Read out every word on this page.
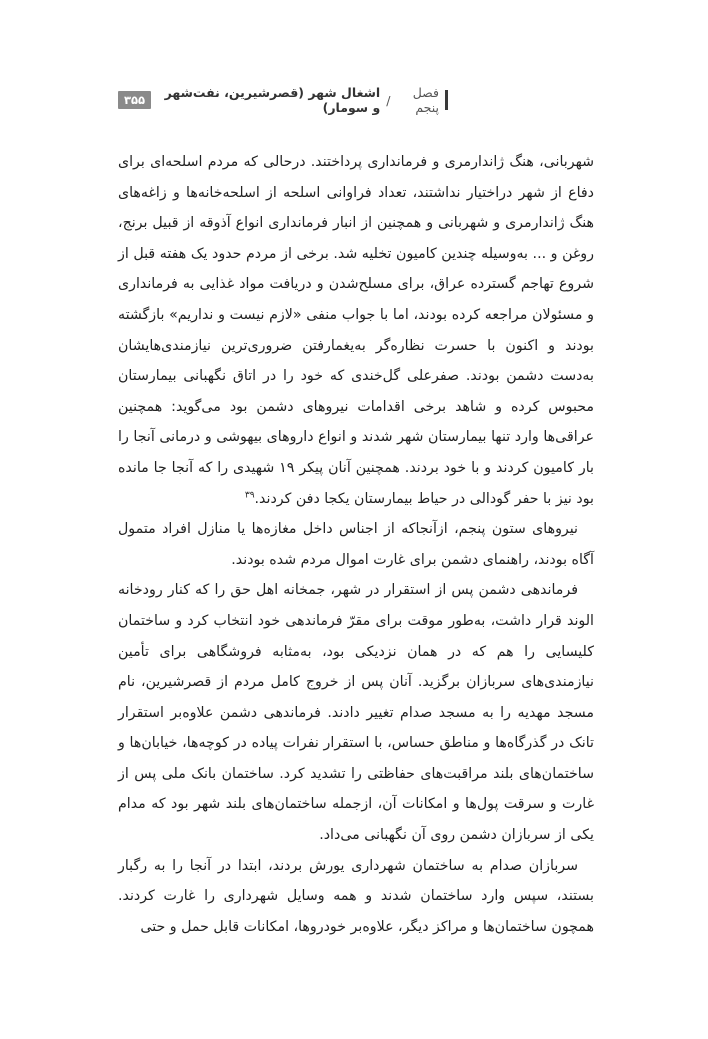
فصل پنجم
/
اشغال شهر (قصرشیرین، نفت‌شهر و سومار)
۳۵۵

شهربانی، هنگ ژاندارمری و فرمانداری پرداختند. درحالی که مردم اسلحه‌ای برای دفاع از شهر دراختیار نداشتند، تعداد فراوانی اسلحه از اسلحه‌خانه‌ها و زاغه‌های هنگ ژاندارمری و شهربانی و همچنین از انبار فرمانداری انواع آذوقه از قبیل برنج، روغن و ... به‌وسیله چندین کامیون تخلیه شد. برخی از مردم حدود یک هفته قبل از شروع تهاجم گسترده عراق، برای مسلح‌شدن و دریافت مواد غذایی به فرمانداری و مسئولان مراجعه کرده بودند، اما با جواب منفی «لازم نیست و نداریم» بازگشته بودند و اکنون با حسرت نظاره‌گر به‌یغمارفتن ضروری‌ترین نیازمندی‌هایشان به‌دست دشمن بودند. صفرعلی گل‌خندی که خود را در اتاق نگهبانی بیمارستان محبوس کرده و شاهد برخی اقدامات نیروهای دشمن بود می‌گوید: همچنین عراقی‌ها وارد تنها بیمارستان شهر شدند و انواع داروهای بیهوشی و درمانی آنجا را بار کامیون کردند و با خود بردند. همچنین آنان پیکر ۱۹ شهیدی را که آنجا جا مانده بود نیز با حفر گودالی در حیاط بیمارستان یکجا دفن کردند.$^{۳۹}$

نیروهای ستون پنجم، ازآنجاکه از اجناس داخل مغازه‌ها یا منازل افراد متمول آگاه بودند، راهنمای دشمن برای غارت اموال مردم شده بودند.

فرماندهی دشمن پس از استقرار در شهر، جمخانه اهل حق را که کنار رودخانه الوند قرار داشت، به‌طور موقت برای مقرّ فرماندهی خود انتخاب کرد و ساختمان کلیسایی را هم که در همان نزدیکی بود، به‌مثابه فروشگاهی برای تأمین نیازمندی‌های سربازان برگزید. آنان پس از خروج کامل مردم از قصرشیرین، نام مسجد مهدیه را به مسجد صدام تغییر دادند. فرماندهی دشمن علاوه‌بر استقرار تانک در گذرگاه‌ها و مناطق حساس، با استقرار نفرات پیاده در کوچه‌ها، خیابان‌ها و ساختمان‌های بلند مراقبت‌های حفاظتی را تشدید کرد. ساختمان بانک ملی پس از غارت و سرقت پول‌ها و امکانات آن، ازجمله ساختمان‌های بلند شهر بود که مدام یکی از سربازان دشمن روی آن نگهبانی می‌داد.

سربازان صدام به ساختمان شهرداری یورش بردند، ابتدا در آنجا را به رگبار بستند، سپس وارد ساختمان شدند و همه وسایل شهرداری را غارت کردند. همچون ساختمان‌ها و مراکز دیگر، علاوه‌بر خودروها، امکانات قابل حمل و حتی
